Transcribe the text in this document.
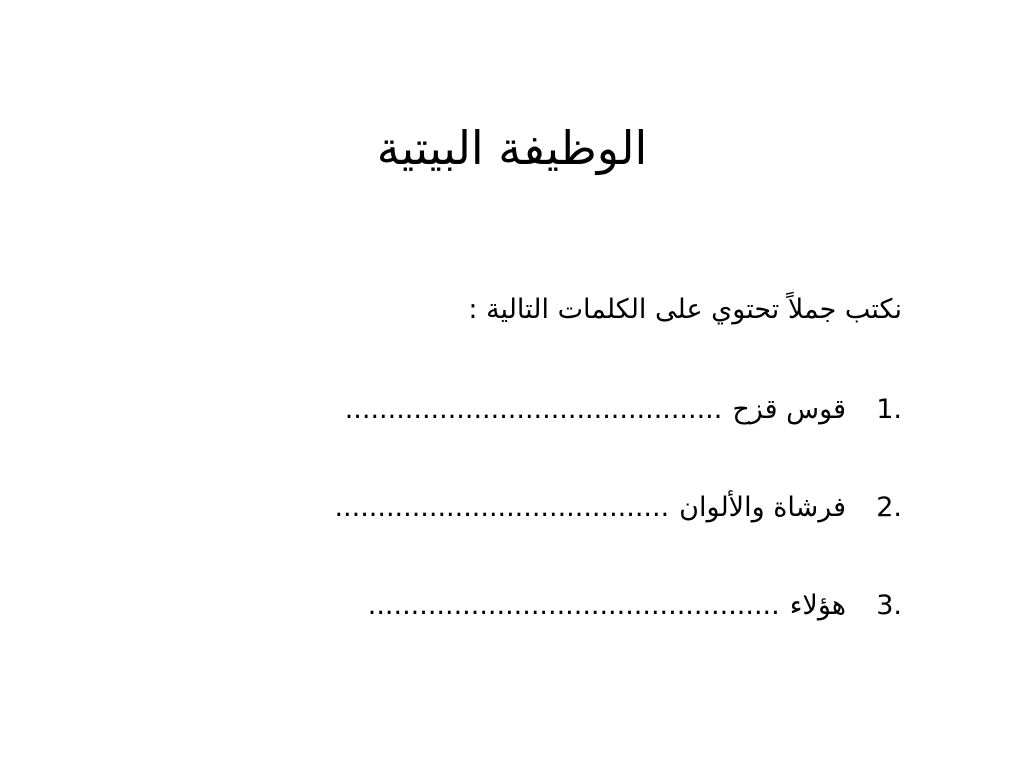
الوظيفة البيتية
نكتب جملاً تحتوي على الكلمات التالية :
1.
قوس قزح
............................................
2.
فرشاة والألوان
.......................................
3.
هؤلاء
................................................
